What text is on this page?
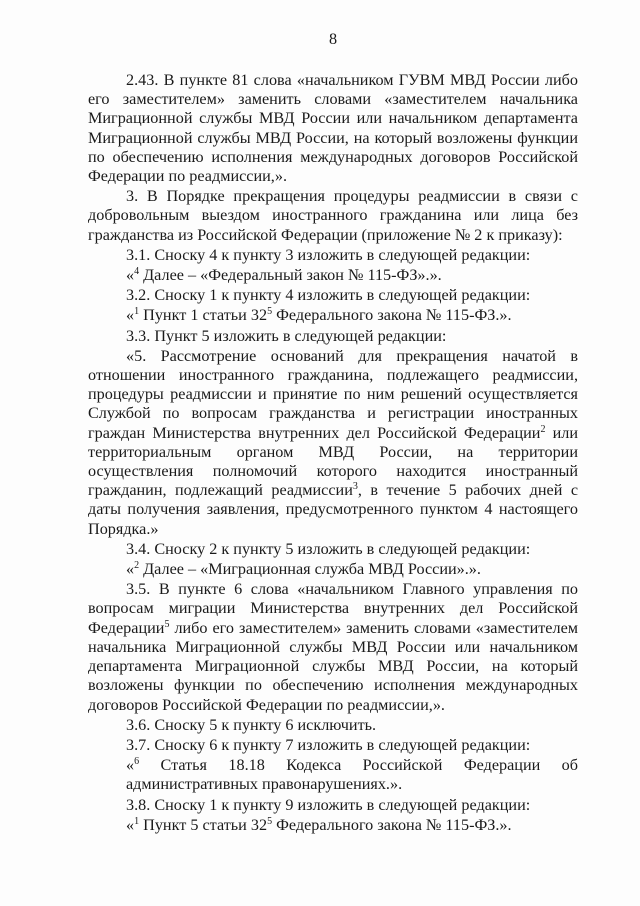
8

2.43. В пункте 81 слова «начальником ГУВМ МВД России либо его заместителем» заменить словами «заместителем начальника Миграционной службы МВД России или начальником департамента Миграционной службы МВД России, на который возложены функции по обеспечению исполнения международных договоров Российской Федерации по реадмиссии,».

3. В Порядке прекращения процедуры реадмиссии в связи с добровольным выездом иностранного гражданина или лица без гражданства из Российской Федерации (приложение № 2 к приказу):

3.1. Сноску 4 к пункту 3 изложить в следующей редакции:

«$^4$ Далее – «Федеральный закон № 115-ФЗ».».

3.2. Сноску 1 к пункту 4 изложить в следующей редакции:

«$^1$ Пункт 1 статьи $32^5$ Федерального закона № 115-ФЗ.».

3.3. Пункт 5 изложить в следующей редакции:

«5. Рассмотрение оснований для прекращения начатой в отношении иностранного гражданина, подлежащего реадмиссии, процедуры реадмиссии и принятие по ним решений осуществляется Службой по вопросам гражданства и регистрации иностранных граждан Министерства внутренних дел Российской Федерации$^2$ или территориальным органом МВД России, на территории осуществления полномочий которого находится иностранный гражданин, подлежащий реадмиссии$^3$, в течение 5 рабочих дней с даты получения заявления, предусмотренного пунктом 4 настоящего Порядка.»

3.4. Сноску 2 к пункту 5 изложить в следующей редакции:

«$^2$ Далее – «Миграционная служба МВД России».».

3.5. В пункте 6 слова «начальником Главного управления по вопросам миграции Министерства внутренних дел Российской Федерации$^5$ либо его заместителем» заменить словами «заместителем начальника Миграционной службы МВД России или начальником департамента Миграционной службы МВД России, на который возложены функции по обеспечению исполнения международных договоров Российской Федерации по реадмиссии,».

3.6. Сноску 5 к пункту 6 исключить.

3.7. Сноску 6 к пункту 7 изложить в следующей редакции:

«$^6$ Статья 18.18 Кодекса Российской Федерации об административных правонарушениях.».

3.8. Сноску 1 к пункту 9 изложить в следующей редакции:

«$^1$ Пункт 5 статьи $32^5$ Федерального закона № 115-ФЗ.».
